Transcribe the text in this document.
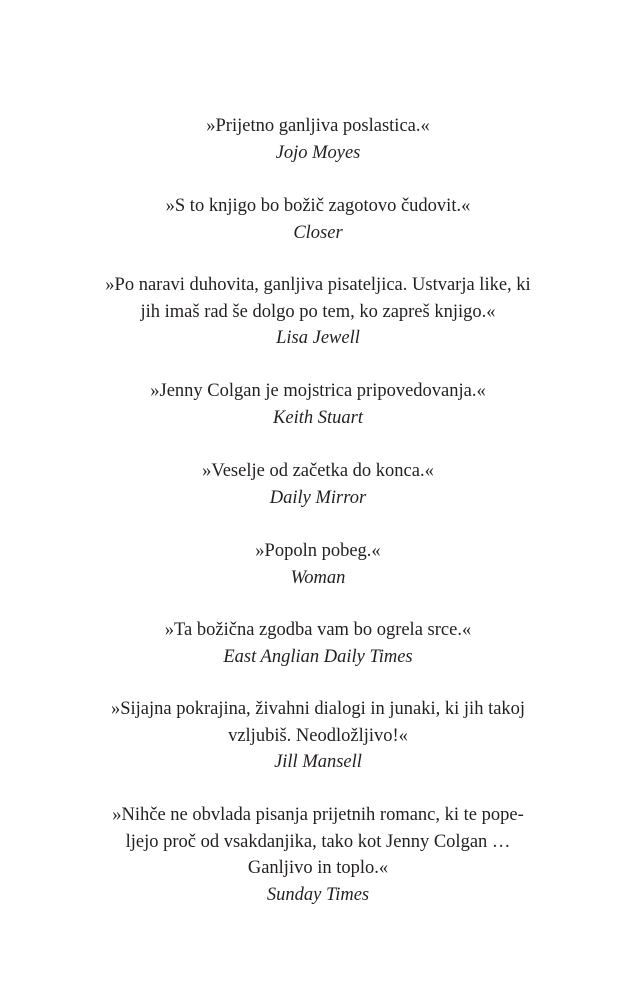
»Prijetno ganljiva poslastica.«
Jojo Moyes
»S to knjigo bo božič zagotovo čudovit.«
Closer
»Po naravi duhovita, ganljiva pisateljica. Ustvarja like, ki
jih imaš rad še dolgo po tem, ko zapreš knjigo.«
Lisa Jewell
»Jenny Colgan je mojstrica pripovedovanja.«
Keith Stuart
»Veselje od začetka do konca.«
Daily Mirror
»Popoln pobeg.«
Woman
»Ta božična zgodba vam bo ogrela srce.«
East Anglian Daily Times
»Sijajna pokrajina, živahni dialogi in junaki, ki jih takoj
vzljubiš. Neodložljivo!«
Jill Mansell
»Nihče ne obvlada pisanja prijetnih romanc, ki te pope-
ljejo proč od vsakdanjika, tako kot Jenny Colgan …
Ganljivo in toplo.«
Sunday Times
